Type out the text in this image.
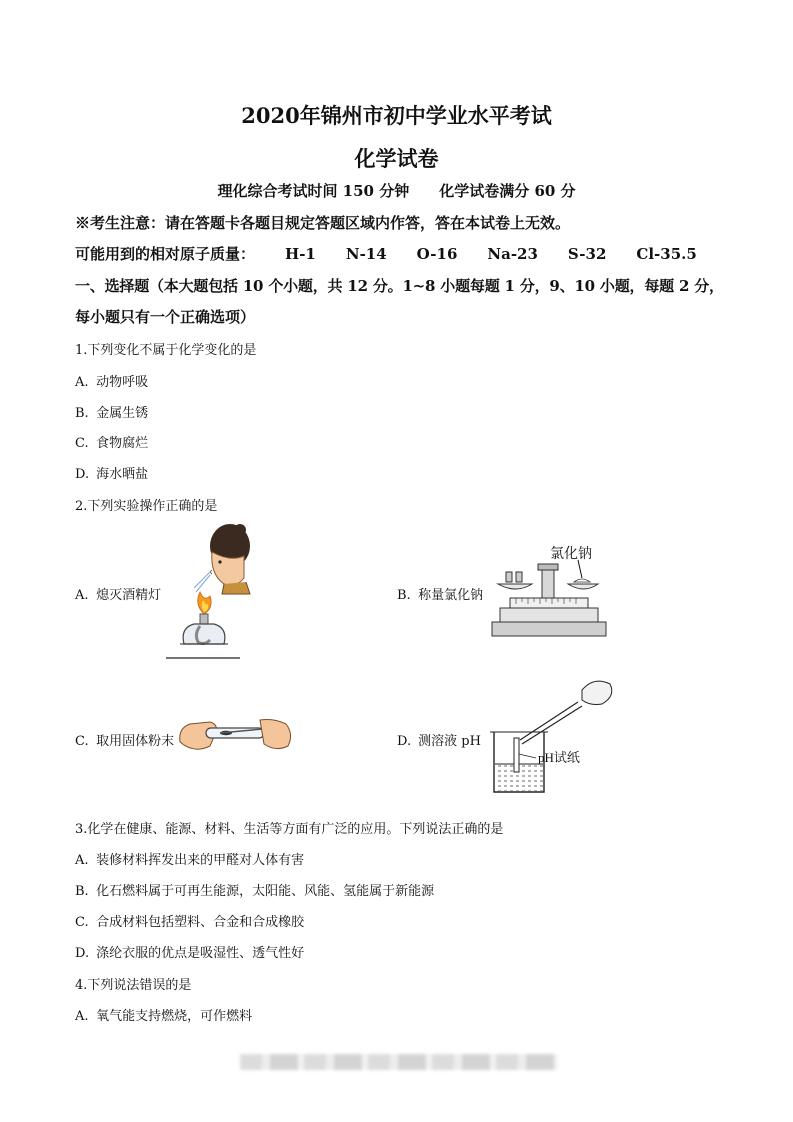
2020年锦州市初中学业水平考试
化学试卷
理化综合考试时间 150 分钟 化学试卷满分 60 分
※考生注意：请在答题卡各题目规定答题区域内作答，答在本试卷上无效。
可能用到的相对原子质量： H-1 N-14 O-16 Na-23 S-32 Cl-35.5
一、选择题（本大题包括 10 个小题，共 12 分。1~8 小题每题 1 分，9、10 小题，每题 2 分，
每小题只有一个正确选项）
1.下列变化不属于化学变化的是
A. 动物呼吸
B. 金属生锈
C. 食物腐烂
D. 海水晒盐
2.下列实验操作正确的是
A. 熄灭酒精灯	B. 称量氯化钠
C. 取用固体粉末	D. 测溶液 pH
氯化钠
pH试纸
3.化学在健康、能源、材料、生活等方面有广泛的应用。下列说法正确的是
A. 装修材料挥发出来的甲醛对人体有害
B. 化石燃料属于可再生能源，太阳能、风能、氢能属于新能源
C. 合成材料包括塑料、合金和合成橡胶
D. 涤纶衣服的优点是吸湿性、透气性好
4.下列说法错误的是
A. 氧气能支持燃烧，可作燃料
